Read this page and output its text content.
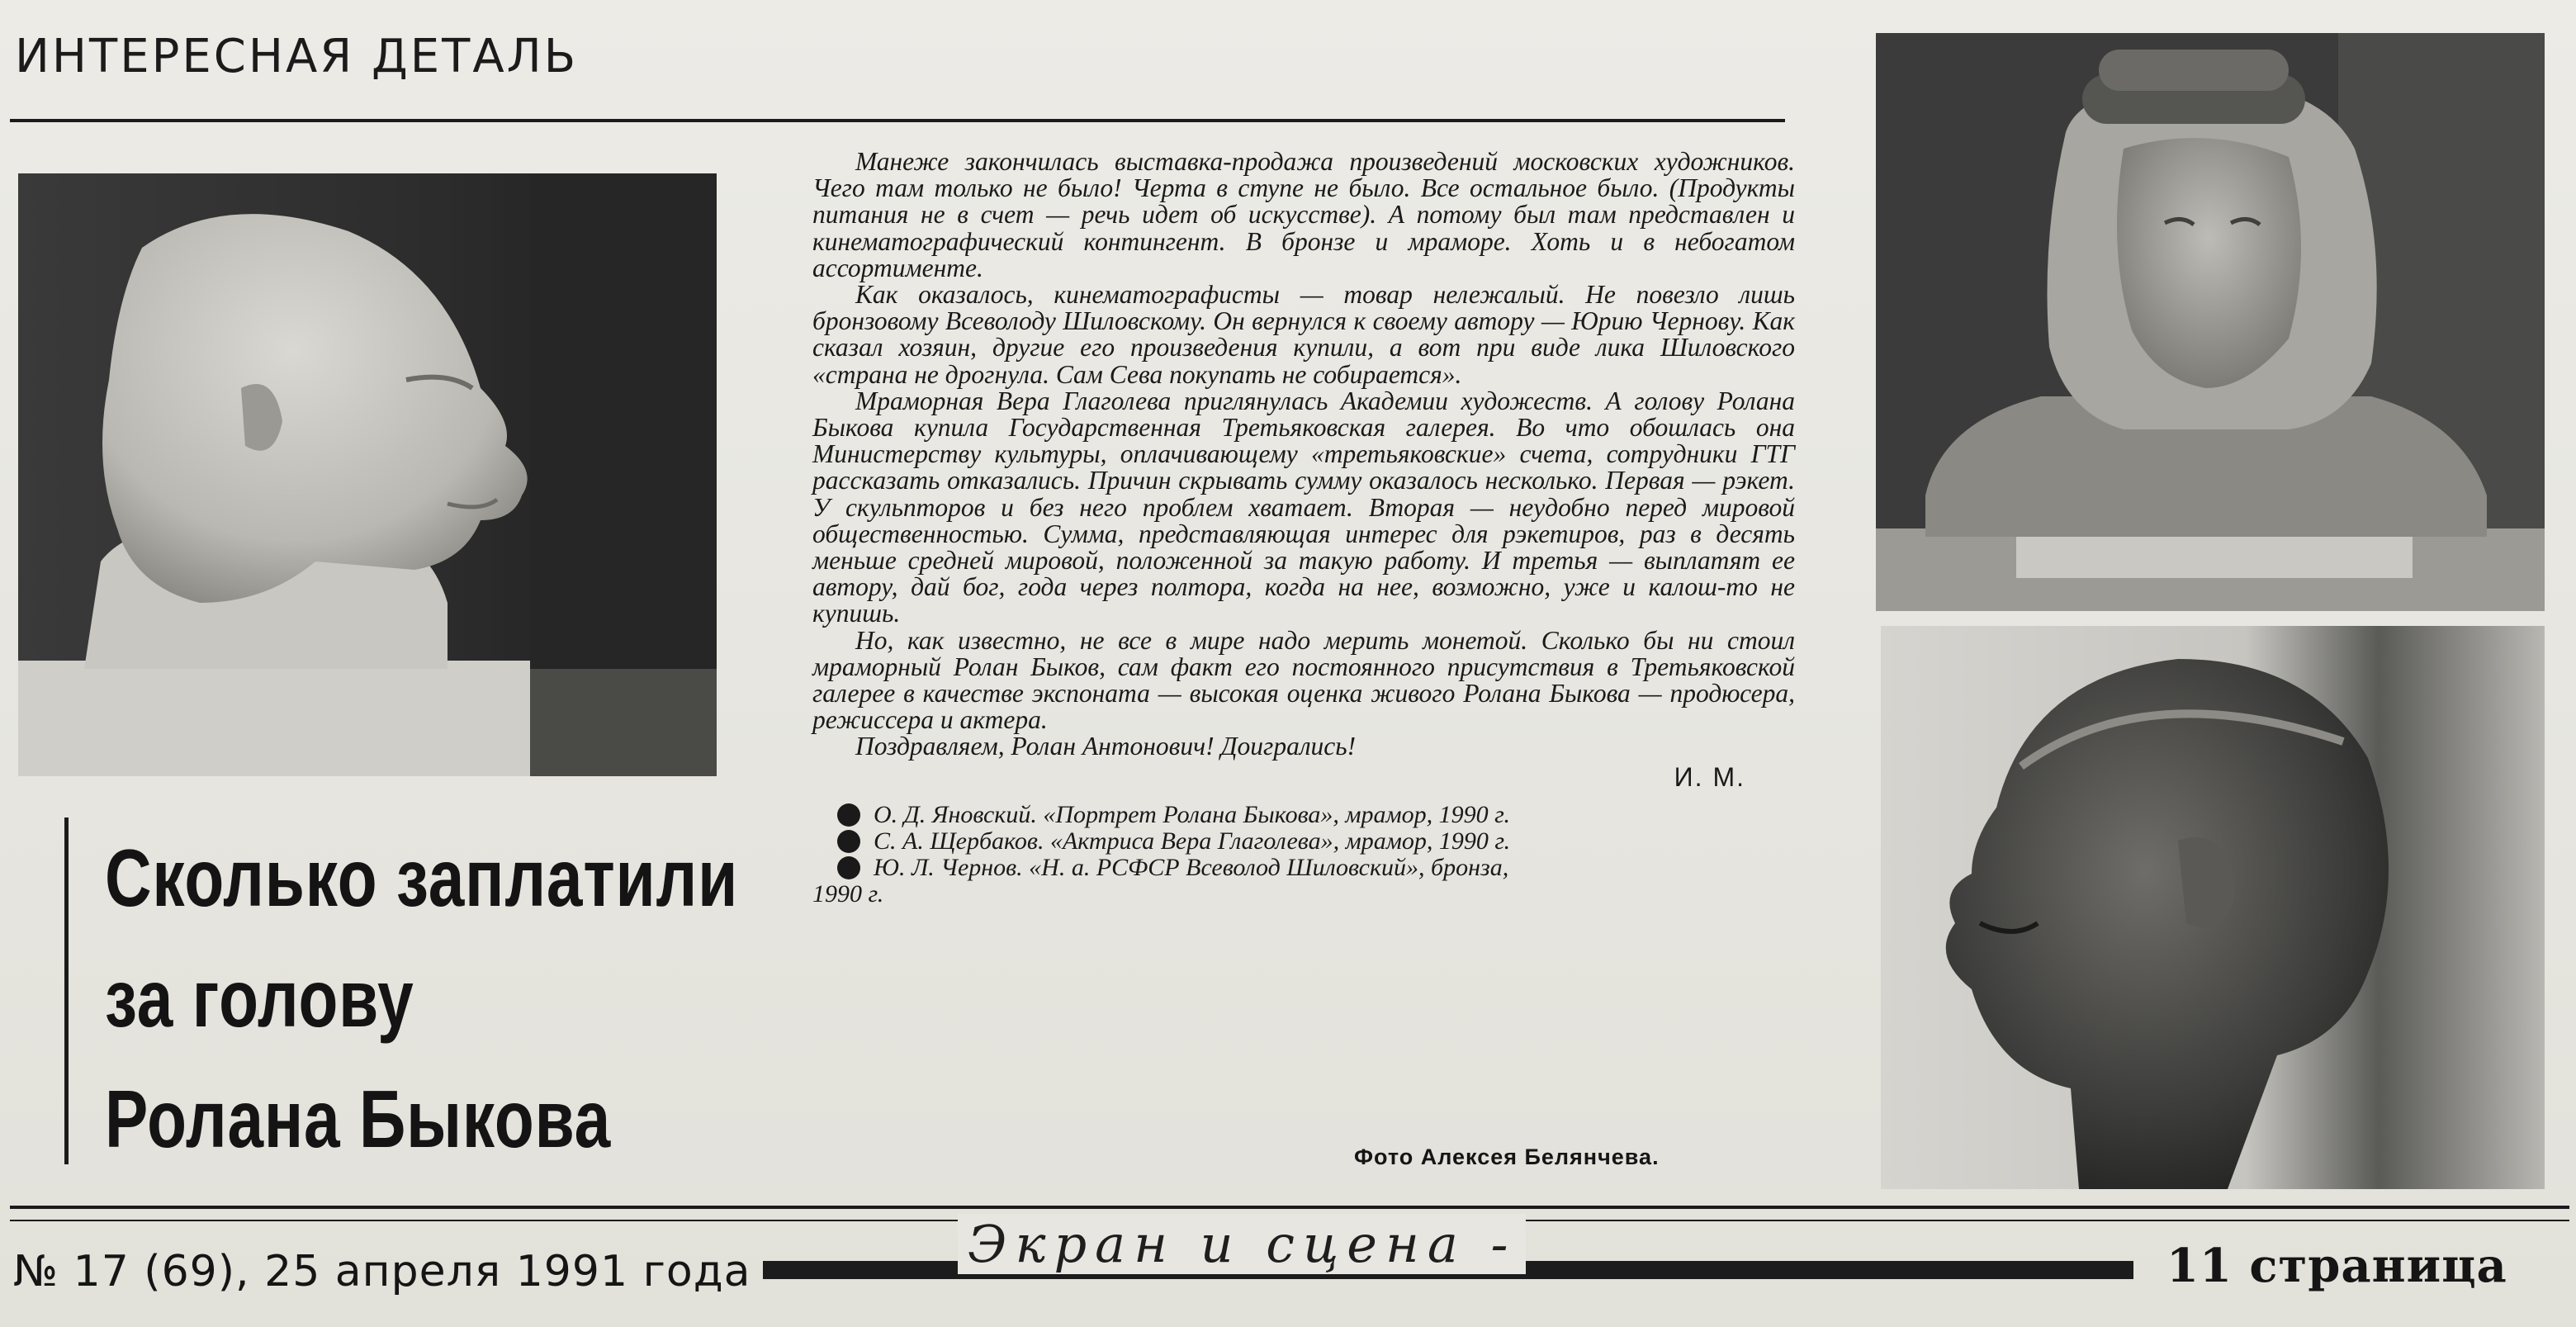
ИНТЕРЕСНАЯ ДЕТАЛЬ
Сколько заплатили
за голову
Ролана Быкова

Манеже закончилась выставка-продажа произведений московских художников. Чего там только не было! Черта в ступе не было. Все остальное было. (Продукты питания не в счет — речь идет об искусстве). А потому был там представлен и кинематографический контингент. В бронзе и мраморе. Хоть и в небогатом ассортименте.

Как оказалось, кинематографисты — товар нележалый. Не повезло лишь бронзовому Всеволоду Шиловскому. Он вернулся к своему автору — Юрию Чернову. Как сказал хозяин, другие его произведения купили, а вот при виде лика Шиловского «страна не дрогнула. Сам Сева покупать не собирается».

Мраморная Вера Глаголева приглянулась Академии художеств. А голову Ролана Быкова купила Государственная Третьяковская галерея. Во что обошлась она Министерству культуры, оплачивающему «третьяковские» счета, сотрудники ГТГ рассказать отказались. Причин скрывать сумму оказалось несколько. Первая — рэкет. У скульпторов и без него проблем хватает. Вторая — неудобно перед мировой общественностью. Сумма, представляющая интерес для рэкетиров, раз в десять меньше средней мировой, положенной за такую работу. И третья — выплатят ее автору, дай бог, года через полтора, когда на нее, возможно, уже и калош-то не купишь.

Но, как известно, не все в мире надо мерить монетой. Сколько бы ни стоил мраморный Ролан Быков, сам факт его постоянного присутствия в Третьяковской галерее в качестве экспоната — высокая оценка живого Ролана Быкова — продюсера, режиссера и актера.

Поздравляем, Ролан Антонович! Доигрались!

И. М.
О. Д. Яновский. «Портрет Ролана Быкова», мрамор, 1990 г.
С. А. Щербаков. «Актриса Вера Глаголева», мрамор, 1990 г.
Ю. Л. Чернов. «Н. а. РСФСР Всеволод Шиловский», бронза,
1990 г.
Фото Алексея Белянчева.
№ 17 (69), 25 апреля 1991 года	Экран и сцена -	11 страница
